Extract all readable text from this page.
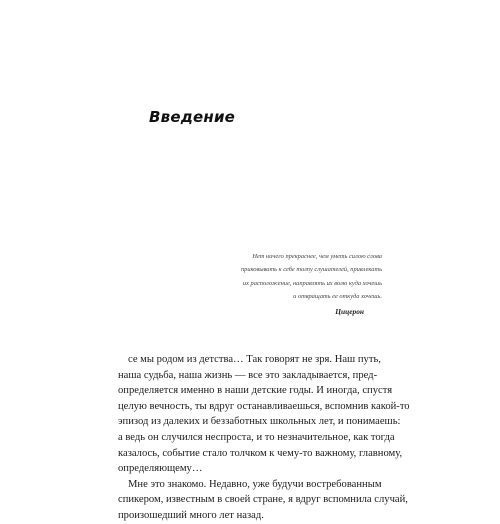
Введение
Нет ничего прекраснее, чем уметь силою слова
приковывать к себе толпу слушателей, привлекать
их расположение, направлять их волю куда хочешь
и отвращать ее откуда хочешь.
Цицерон
се мы родом из детства… Так говорят не зря. Наш путь,
наша судьба, наша жизнь — все это закладывается, пред-
определяется именно в наши детские годы. И иногда, спустя
целую вечность, ты вдруг останавливаешься, вспомнив какой-то
эпизод из далеких и беззаботных школьных лет, и понимаешь:
а ведь он случился неспроста, и то незначительное, как тогда
казалось, событие стало толчком к чему-то важному, главному,
определяющему…
Мне это знакомо. Недавно, уже будучи востребованным
спикером, известным в своей стране, я вдруг вспомнила случай,
произошедший много лет назад.
